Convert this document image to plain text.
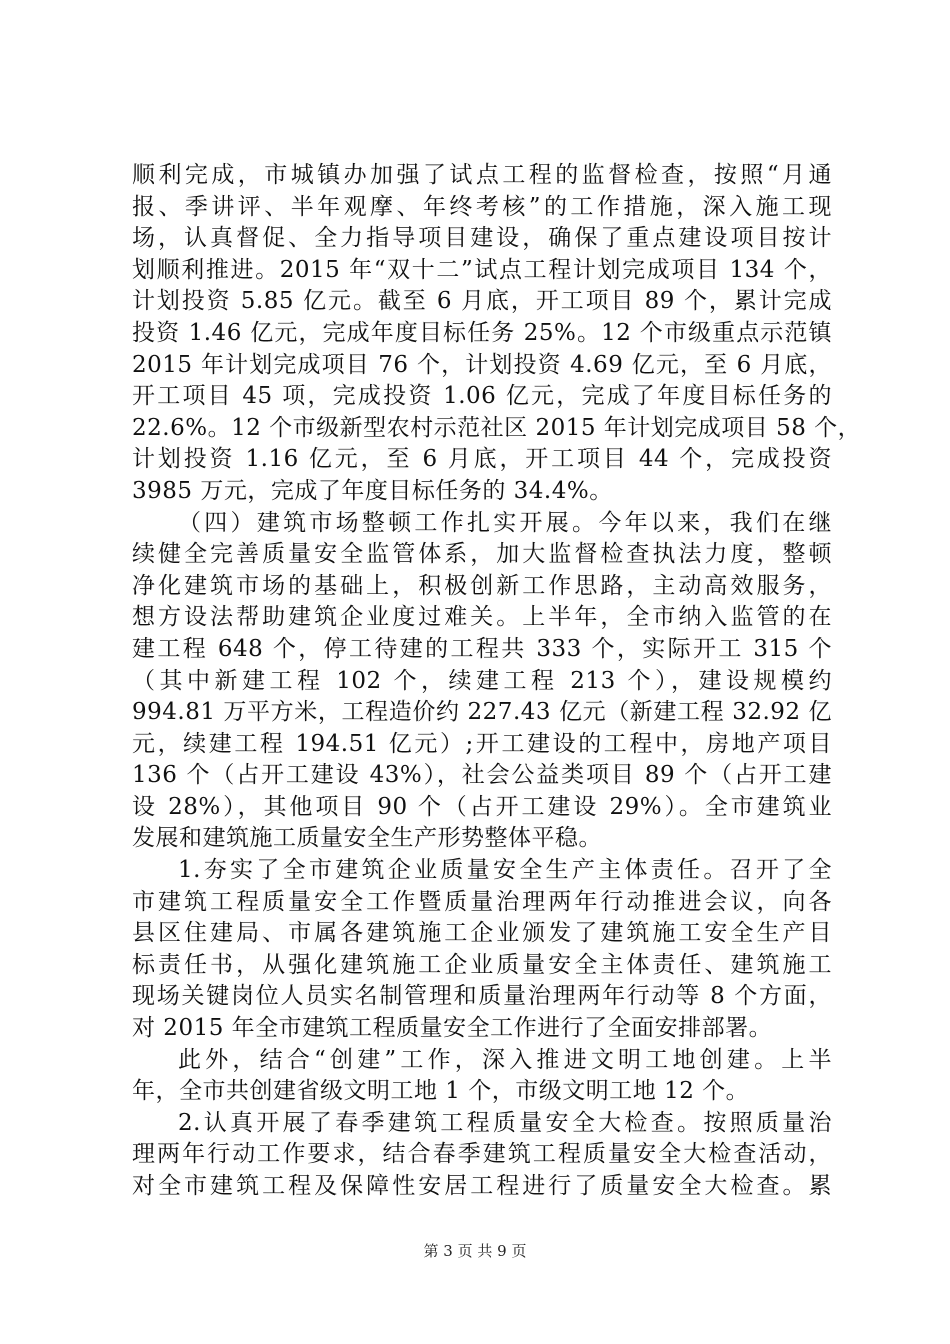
顺利完成，市城镇办加强了试点工程的监督检查，按照“月通
报、季讲评、半年观摩、年终考核”的工作措施，深入施工现
场，认真督促、全力指导项目建设，确保了重点建设项目按计
划顺利推进。2015 年“双十二”试点工程计划完成项目 134 个，
计划投资 5.85 亿元。截至 6 月底，开工项目 89 个，累计完成
投资 1.46 亿元，完成年度目标任务 25%。12 个市级重点示范镇
2015 年计划完成项目 76 个，计划投资 4.69 亿元，至 6 月底，
开工项目 45 项，完成投资 1.06 亿元，完成了年度目标任务的
22.6%。12 个市级新型农村示范社区 2015 年计划完成项目 58 个，
计划投资 1.16 亿元，至 6 月底，开工项目 44 个，完成投资
3985 万元，完成了年度目标任务的 34.4%。
（四）建筑市场整顿工作扎实开展。今年以来，我们在继
续健全完善质量安全监管体系，加大监督检查执法力度，整顿
净化建筑市场的基础上，积极创新工作思路，主动高效服务，
想方设法帮助建筑企业度过难关。上半年，全市纳入监管的在
建工程 648 个，停工待建的工程共 333 个，实际开工 315 个
（其中新建工程 102 个，续建工程 213 个），建设规模约
994.81 万平方米，工程造价约 227.43 亿元（新建工程 32.92 亿
元，续建工程 194.51 亿元）;开工建设的工程中，房地产项目
136 个（占开工建设 43%），社会公益类项目 89 个（占开工建
设 28%），其他项目 90 个（占开工建设 29%）。全市建筑业
发展和建筑施工质量安全生产形势整体平稳。
1.夯实了全市建筑企业质量安全生产主体责任。召开了全
市建筑工程质量安全工作暨质量治理两年行动推进会议，向各
县区住建局、市属各建筑施工企业颁发了建筑施工安全生产目
标责任书，从强化建筑施工企业质量安全主体责任、建筑施工
现场关键岗位人员实名制管理和质量治理两年行动等 8 个方面，
对 2015 年全市建筑工程质量安全工作进行了全面安排部署。
此外，结合“创建”工作，深入推进文明工地创建。上半
年，全市共创建省级文明工地 1 个，市级文明工地 12 个。
2.认真开展了春季建筑工程质量安全大检查。按照质量治
理两年行动工作要求，结合春季建筑工程质量安全大检查活动，
对全市建筑工程及保障性安居工程进行了质量安全大检查。累
第 3 页 共 9 页
